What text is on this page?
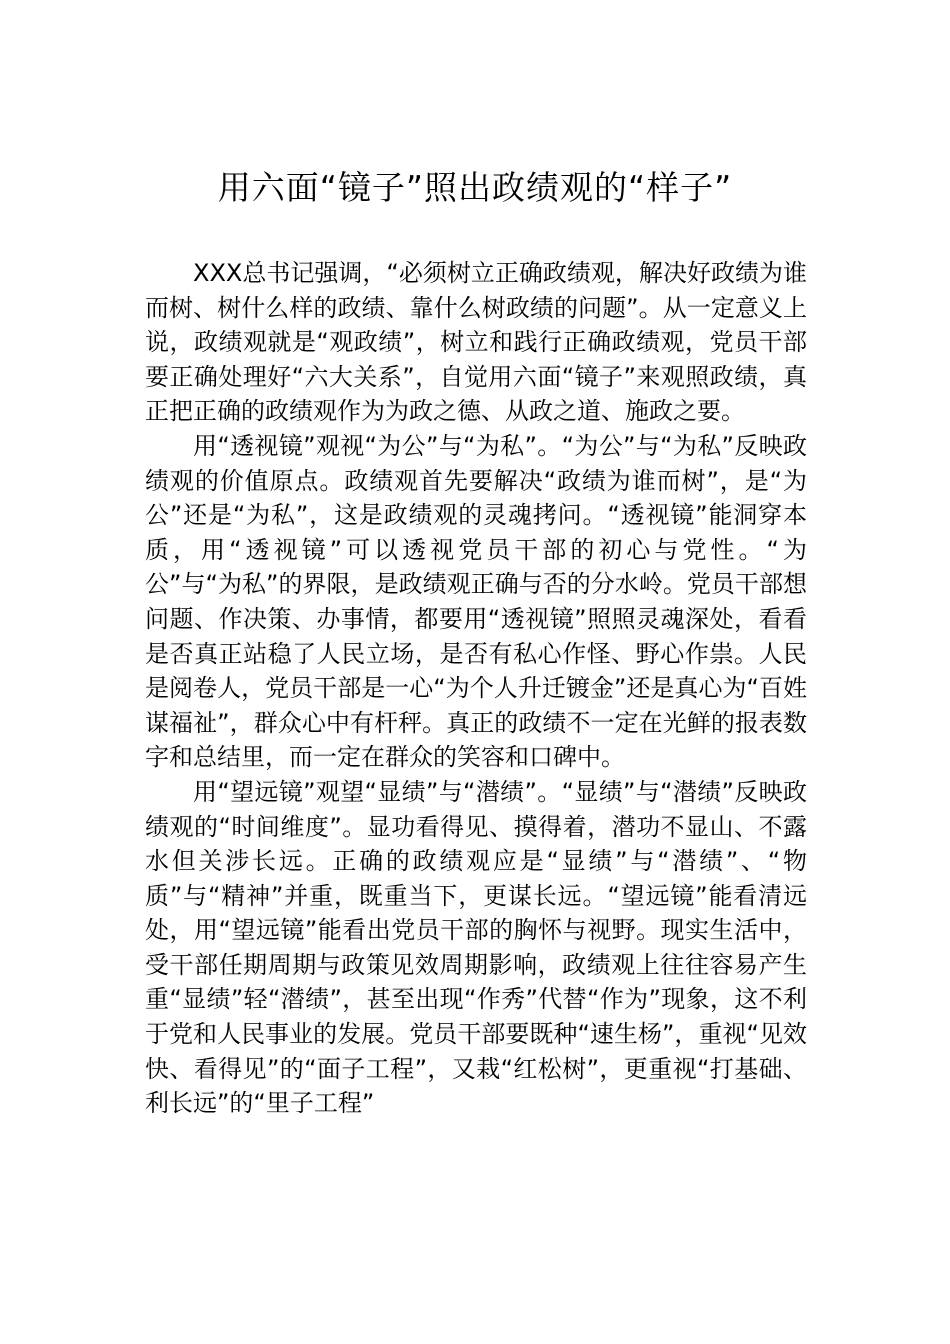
用六面“镜子”照出政绩观的“样子”

XXX总书记强调，“必须树立正确政绩观，解决好政绩为谁而树、树什么样的政绩、靠什么树政绩的问题”。从一定意义上说，政绩观就是“观政绩”，树立和践行正确政绩观，党员干部要正确处理好“六大关系”，自觉用六面“镜子”来观照政绩，真正把正确的政绩观作为为政之德、从政之道、施政之要。

用“透视镜”观视“为公”与“为私”。“为公”与“为私”反映政绩观的价值原点。政绩观首先要解决“政绩为谁而树”，是“为公”还是“为私”，这是政绩观的灵魂拷问。“透视镜”能洞穿本质，用“透视镜”可以透视党员干部的初心与党性。“为公”与“为私”的界限，是政绩观正确与否的分水岭。党员干部想问题、作决策、办事情，都要用“透视镜”照照灵魂深处，看看是否真正站稳了人民立场，是否有私心作怪、野心作祟。人民是阅卷人，党员干部是一心“为个人升迁镀金”还是真心为“百姓谋福祉”，群众心中有杆秤。真正的政绩不一定在光鲜的报表数字和总结里，而一定在群众的笑容和口碑中。

用“望远镜”观望“显绩”与“潜绩”。“显绩”与“潜绩”反映政绩观的“时间维度”。显功看得见、摸得着，潜功不显山、不露水但关涉长远。正确的政绩观应是“显绩”与“潜绩”、“物质”与“精神”并重，既重当下，更谋长远。“望远镜”能看清远处，用“望远镜”能看出党员干部的胸怀与视野。现实生活中，受干部任期周期与政策见效周期影响，政绩观上往往容易产生重“显绩”轻“潜绩”，甚至出现“作秀”代替“作为”现象，这不利于党和人民事业的发展。党员干部要既种“速生杨”，重视“见效快、看得见”的“面子工程”，又栽“红松树”，更重视“打基础、利长远”的“里子工程”
